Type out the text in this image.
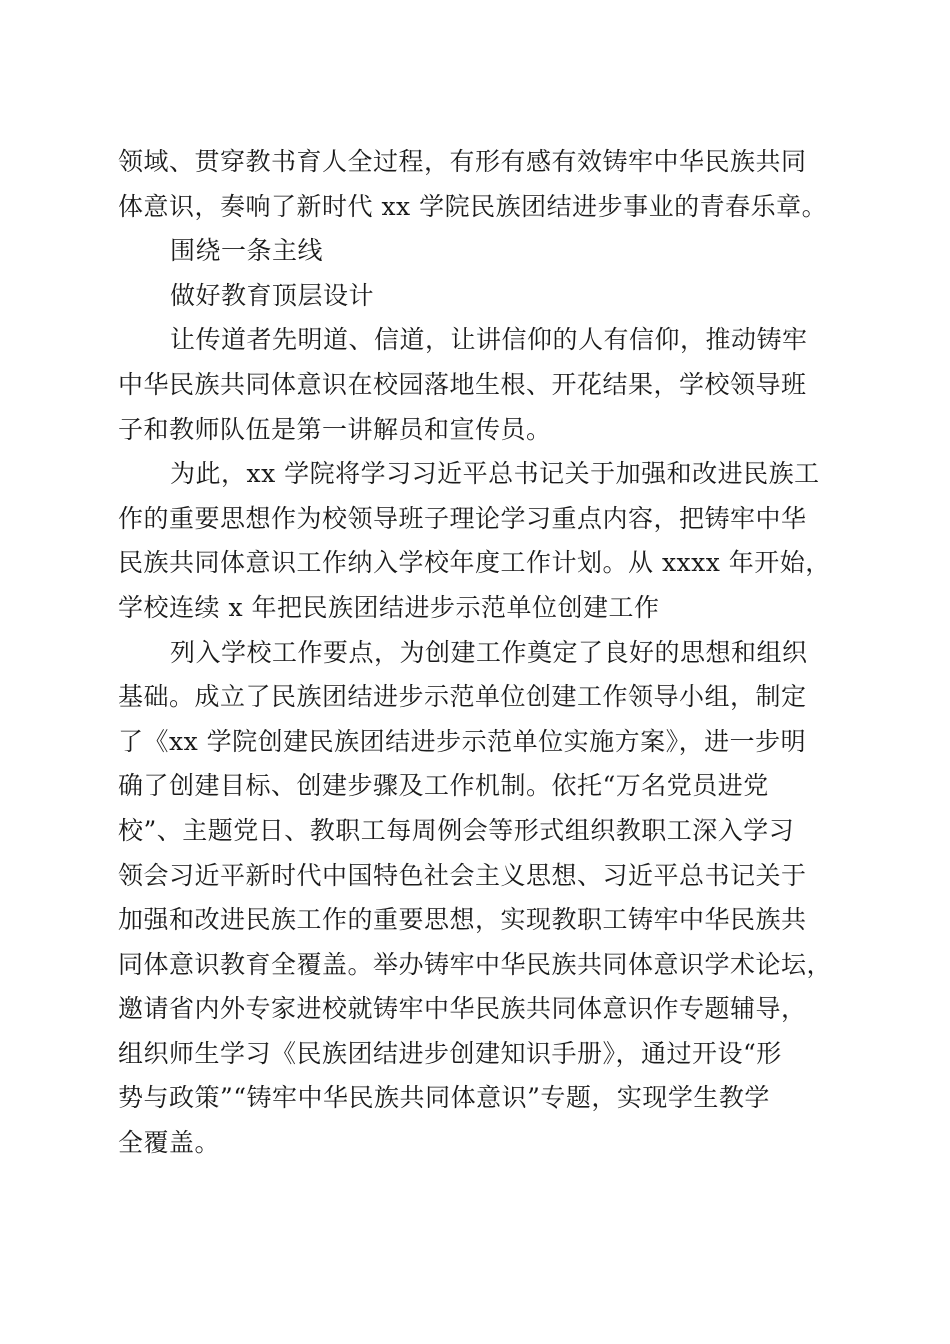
领域、贯穿教书育人全过程，有形有感有效铸牢中华民族共同
体意识，奏响了新时代 xx 学院民族团结进步事业的青春乐章。
围绕一条主线
做好教育顶层设计
让传道者先明道、信道，让讲信仰的人有信仰，推动铸牢
中华民族共同体意识在校园落地生根、开花结果，学校领导班
子和教师队伍是第一讲解员和宣传员。
为此，xx 学院将学习习近平总书记关于加强和改进民族工
作的重要思想作为校领导班子理论学习重点内容，把铸牢中华
民族共同体意识工作纳入学校年度工作计划。从 xxxx 年开始，
学校连续 x 年把民族团结进步示范单位创建工作
列入学校工作要点，为创建工作奠定了良好的思想和组织
基础。成立了民族团结进步示范单位创建工作领导小组，制定
了《xx 学院创建民族团结进步示范单位实施方案》，进一步明
确了创建目标、创建步骤及工作机制。依托“万名党员进党
校”、主题党日、教职工每周例会等形式组织教职工深入学习
领会习近平新时代中国特色社会主义思想、习近平总书记关于
加强和改进民族工作的重要思想，实现教职工铸牢中华民族共
同体意识教育全覆盖。举办铸牢中华民族共同体意识学术论坛，
邀请省内外专家进校就铸牢中华民族共同体意识作专题辅导，
组织师生学习《民族团结进步创建知识手册》，通过开设“形
势与政策”“铸牢中华民族共同体意识”专题，实现学生教学
全覆盖。
